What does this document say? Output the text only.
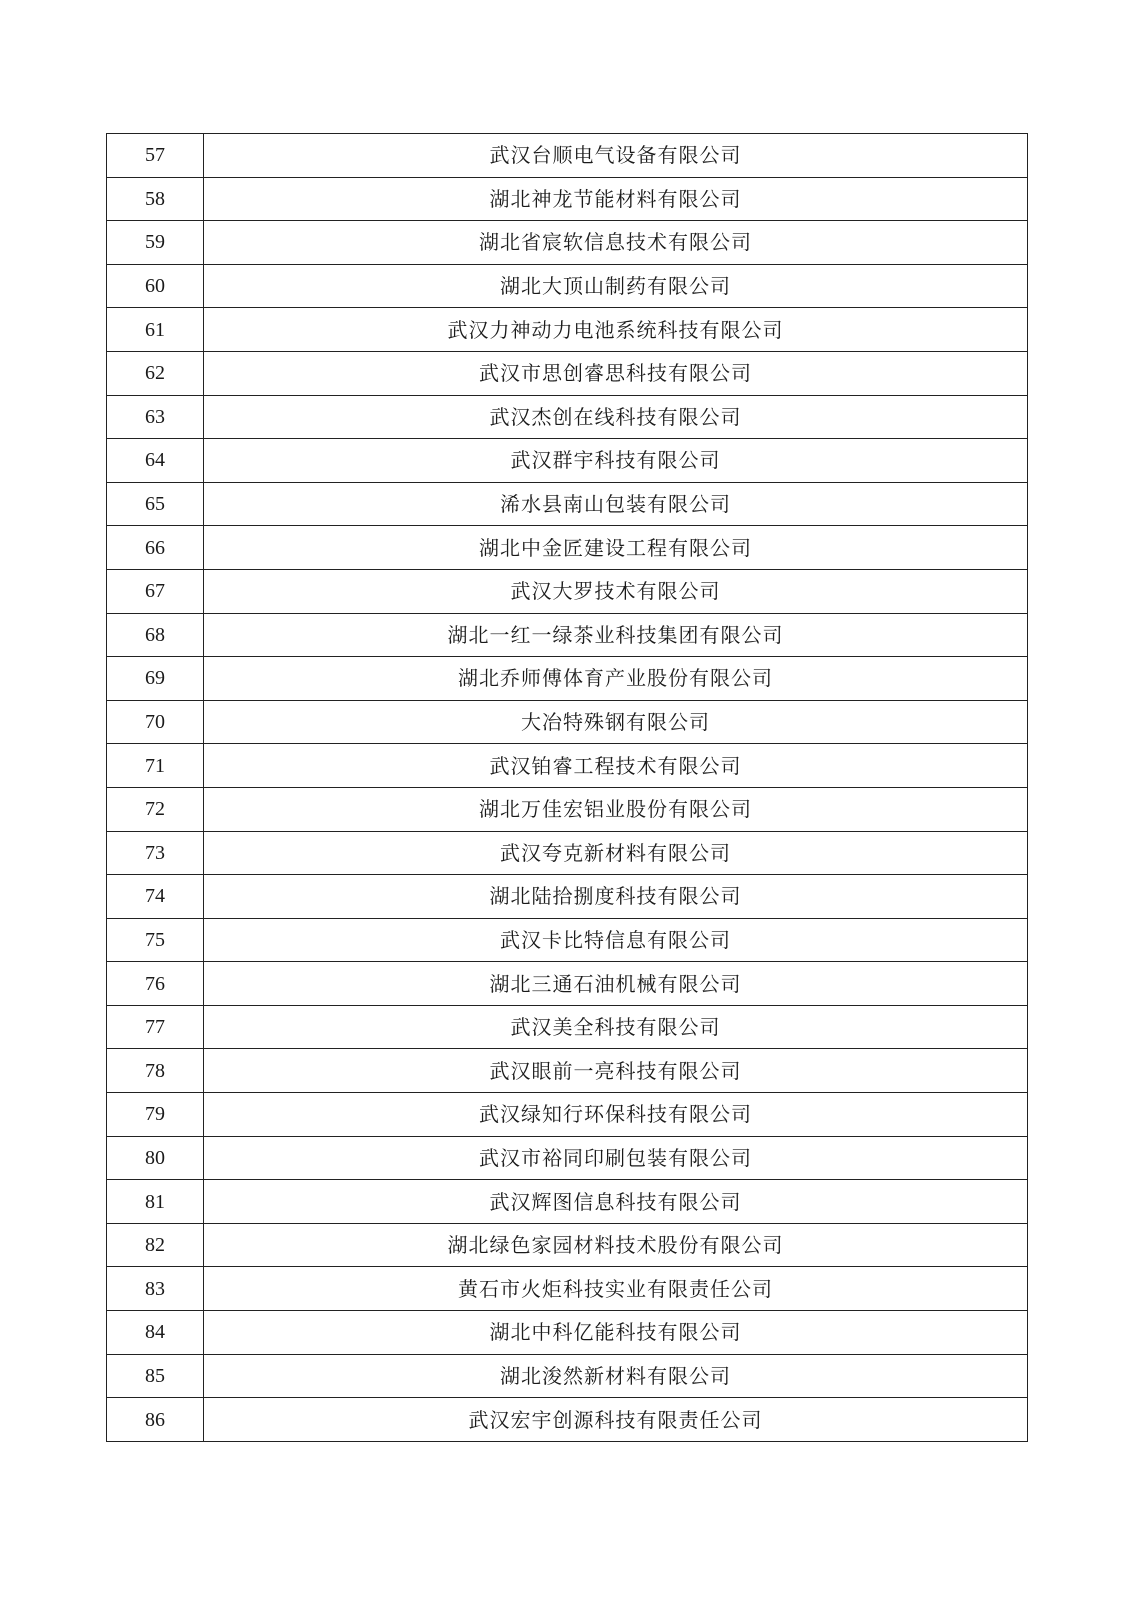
57	武汉台顺电气设备有限公司
58	湖北神龙节能材料有限公司
59	湖北省宸软信息技术有限公司
60	湖北大顶山制药有限公司
61	武汉力神动力电池系统科技有限公司
62	武汉市思创睿思科技有限公司
63	武汉杰创在线科技有限公司
64	武汉群宇科技有限公司
65	浠水县南山包装有限公司
66	湖北中金匠建设工程有限公司
67	武汉大罗技术有限公司
68	湖北一红一绿茶业科技集团有限公司
69	湖北乔师傅体育产业股份有限公司
70	大冶特殊钢有限公司
71	武汉铂睿工程技术有限公司
72	湖北万佳宏铝业股份有限公司
73	武汉夸克新材料有限公司
74	湖北陆拾捌度科技有限公司
75	武汉卡比特信息有限公司
76	湖北三通石油机械有限公司
77	武汉美全科技有限公司
78	武汉眼前一亮科技有限公司
79	武汉绿知行环保科技有限公司
80	武汉市裕同印刷包装有限公司
81	武汉辉图信息科技有限公司
82	湖北绿色家园材料技术股份有限公司
83	黄石市火炬科技实业有限责任公司
84	湖北中科亿能科技有限公司
85	湖北浚然新材料有限公司
86	武汉宏宇创源科技有限责任公司
